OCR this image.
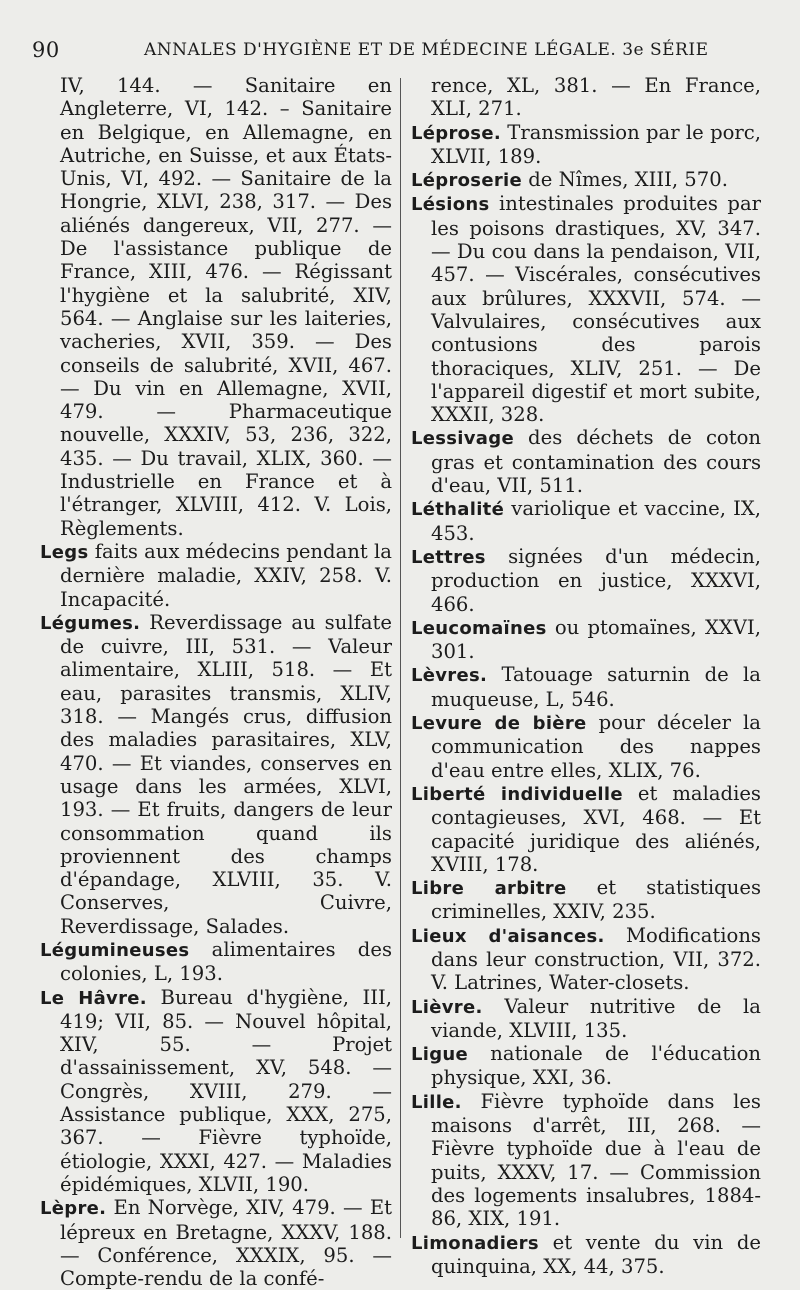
90	ANNALES D'HYGIÈNE ET DE MÉDECINE LÉGALE. 3e SÉRIE

IV, 144. — Sanitaire en Angleterre, VI, 142. – Sanitaire en Belgique, en Allemagne, en Autriche, en Suisse, et aux États-Unis, VI, 492. — Sanitaire de la Hongrie, XLVI, 238, 317. — Des aliénés dangereux, VII, 277. — De l'assistance publique de France, XIII, 476. — Régissant l'hygiène et la salubrité, XIV, 564. — Anglaise sur les laiteries, vacheries, XVII, 359. — Des conseils de salubrité, XVII, 467. — Du vin en Allemagne, XVII, 479. — Pharmaceutique nouvelle, XXXIV, 53, 236, 322, 435. — Du travail, XLIX, 360. — Industrielle en France et à l'étranger, XLVIII, 412. V. Lois, Règlements.

Legs faits aux médecins pendant la dernière maladie, XXIV, 258. V. Incapacité.

Légumes. Reverdissage au sulfate de cuivre, III, 531. — Valeur alimentaire, XLIII, 518. — Et eau, parasites transmis, XLIV, 318. — Mangés crus, diffusion des maladies parasitaires, XLV, 470. — Et viandes, conserves en usage dans les armées, XLVI, 193. — Et fruits, dangers de leur consommation quand ils proviennent des champs d'épandage, XLVIII, 35. V. Conserves, Cuivre, Reverdissage, Salades.

Légumineuses alimentaires des colonies, L, 193.

Le Hâvre. Bureau d'hygiène, III, 419; VII, 85. — Nouvel hôpital, XIV, 55. — Projet d'assainissement, XV, 548. — Congrès, XVIII, 279. — Assistance publique, XXX, 275, 367. — Fièvre typhoïde, étiologie, XXXI, 427. — Maladies épidémiques, XLVII, 190.

Lèpre. En Norvège, XIV, 479. — Et lépreux en Bretagne, XXXV, 188. — Conférence, XXXIX, 95. — Compte-rendu de la confé-

rence, XL, 381. — En France, XLI, 271.

Léprose. Transmission par le porc, XLVII, 189.

Léproserie de Nîmes, XIII, 570.

Lésions intestinales produites par les poisons drastiques, XV, 347. — Du cou dans la pendaison, VII, 457. — Viscérales, consécutives aux brûlures, XXXVII, 574. — Valvulaires, consécutives aux contusions des parois thoraciques, XLIV, 251. — De l'appareil digestif et mort subite, XXXII, 328.

Lessivage des déchets de coton gras et contamination des cours d'eau, VII, 511.

Léthalité variolique et vaccine, IX, 453.

Lettres signées d'un médecin, production en justice, XXXVI, 466.

Leucomaïnes ou ptomaïnes, XXVI, 301.

Lèvres. Tatouage saturnin de la muqueuse, L, 546.

Levure de bière pour déceler la communication des nappes d'eau entre elles, XLIX, 76.

Liberté individuelle et maladies contagieuses, XVI, 468. — Et capacité juridique des aliénés, XVIII, 178.

Libre arbitre et statistiques criminelles, XXIV, 235.

Lieux d'aisances. Modifications dans leur construction, VII, 372. V. Latrines, Water-closets.

Lièvre. Valeur nutritive de la viande, XLVIII, 135.

Ligue nationale de l'éducation physique, XXI, 36.

Lille. Fièvre typhoïde dans les maisons d'arrêt, III, 268. — Fièvre typhoïde due à l'eau de puits, XXXV, 17. — Commission des logements insalubres, 1884-86, XIX, 191.

Limonadiers et vente du vin de quinquina, XX, 44, 375.
